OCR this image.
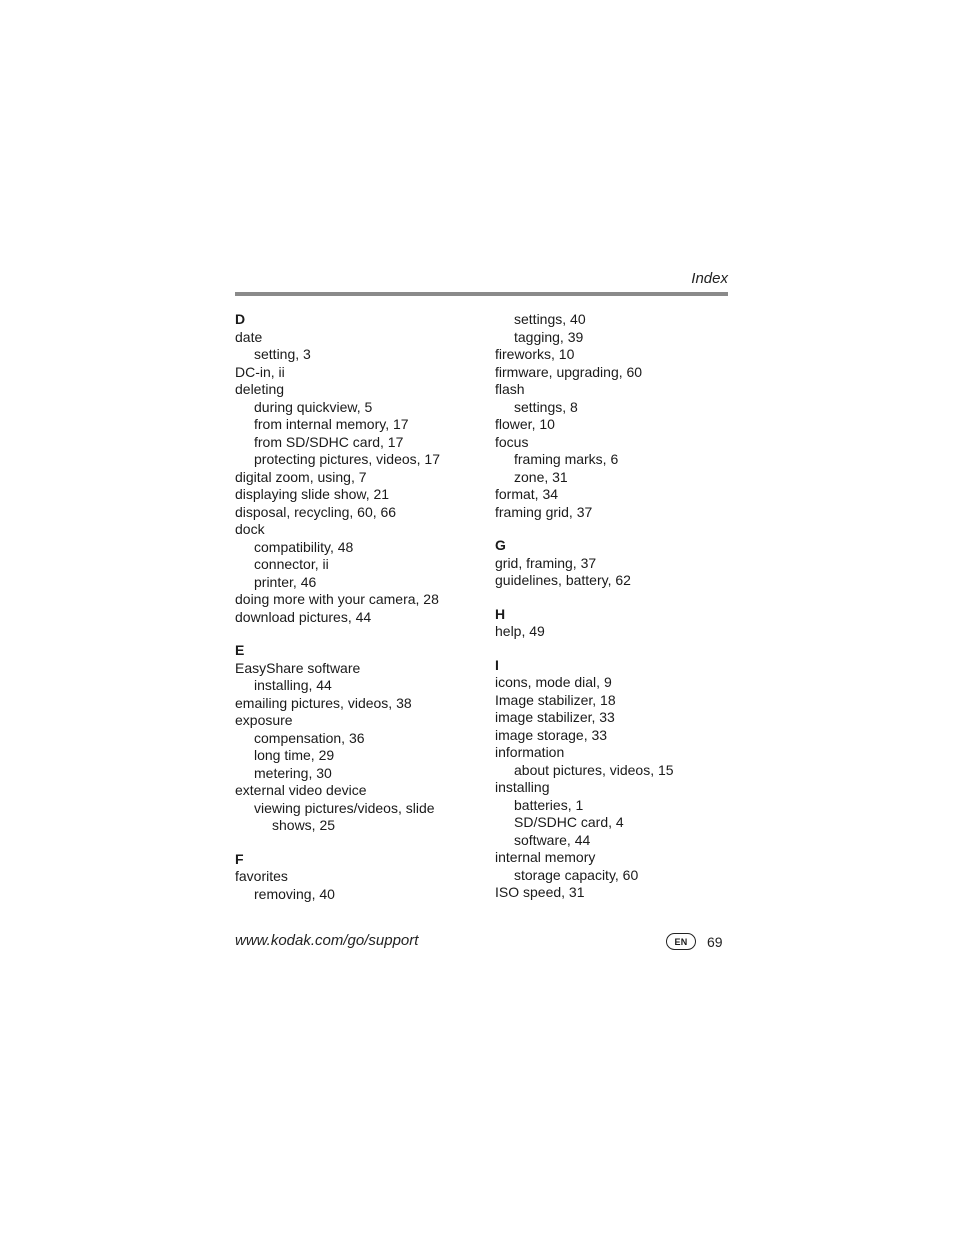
Index
D
date
setting, 3
DC-in, ii
deleting
during quickview, 5
from internal memory, 17
from SD/SDHC card, 17
protecting pictures, videos, 17
digital zoom, using, 7
displaying slide show, 21
disposal, recycling, 60, 66
dock
compatibility, 48
connector, ii
printer, 46
doing more with your camera, 28
download pictures, 44
E
EasyShare software
installing, 44
emailing pictures, videos, 38
exposure
compensation, 36
long time, 29
metering, 30
external video device
viewing pictures/videos, slide
shows, 25
F
favorites
removing, 40
settings, 40
tagging, 39
fireworks, 10
firmware, upgrading, 60
flash
settings, 8
flower, 10
focus
framing marks, 6
zone, 31
format, 34
framing grid, 37
G
grid, framing, 37
guidelines, battery, 62
H
help, 49
I
icons, mode dial, 9
Image stabilizer, 18
image stabilizer, 33
image storage, 33
information
about pictures, videos, 15
installing
batteries, 1
SD/SDHC card, 4
software, 44
internal memory
storage capacity, 60
ISO speed, 31
www.kodak.com/go/support	EN	69
